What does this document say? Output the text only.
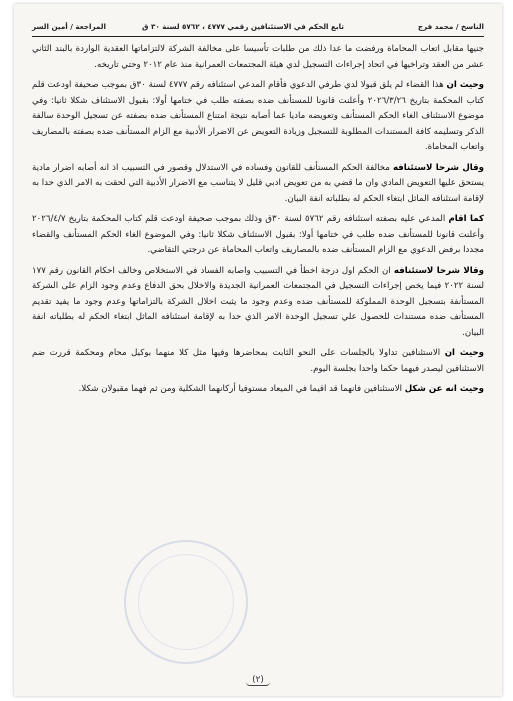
الناسخ / محمد فرج
تابع الحكم في الاستئنافين رقمي ٤٧٧٧ ، ٥٧٦٢ لسنة ٣٠ ق
المراجعة / أمين السر

جنيها مقابل اتعاب المحاماة ورفضت ما عدا ذلك من طلبات تأسيسا على مخالفة الشركة لالتزاماتها العقدية الواردة بالبند الثاني عشر من العقد وتراخيها في اتحاد إجراءات التسجيل لدي هيئة المجتمعات العمرانية منذ عام ٢٠١٢ وحتي تاريخه.

وحيث ان هذا القضاء لم يلق قبولا لدي طرفي الدعوي فأقام المدعي استئنافه رقم ٤٧٧٧ لسنة ٣٠ق بموجب صحيفة اودعت قلم كتاب المحكمة بتاريخ ٢٠٢٦/٣/٢٦ وأعلنت قانونا للمستأنف ضده بصفته طلب في ختامها أولا: بقبول الاستئناف شكلا ثانيا: وفي موضوع الاستئناف الغاء الحكم المستأنف وتعويضه ماديا عما أصابه نتيجة امتناع المستأنف ضده بصفته عن تسجيل الوحدة سالفة الذكر وتسليمه كافة المستندات المطلوبة للتسجيل وزيادة التعويض عن الاضرار الأدبية مع الزام المستأنف ضده بصفته بالمصاريف واتعاب المحاماة.

وقال شرحا لاستئنافه مخالفة الحكم المستأنف للقانون وفساده في الاستدلال وقصور في التسبيب اذ انه أصابه اضرار مادية يستحق عليها التعويض المادي وان ما قضي به من تعويض ادبي قليل لا يتناسب مع الاضرار الأدبية التي لحقت به الامر الذي حدا به لإقامة استئنافه الماثل ابتغاء الحكم له بطلباته انفة البيان.

كما اقام المدعي عليه بصفته استئنافه رقم ٥٧٦٢ لسنة ٣٠ق وذلك بموجب صحيفة اودعت قلم كتاب المحكمة بتاريخ ٢٠٢٦/٤/٧ وأعلنت قانونا للمستأنف ضده طلب في ختامها أولا: بقبول الاستئناف شكلا ثانيا: وفي الموضوع الغاء الحكم المستأنف والقضاء مجددا برفض الدعوي مع الزام المستأنف ضده بالمصاريف واتعاب المحاماة عن درجتي التقاضي.

وقالا شرحا لاستئنافه ان الحكم اول درجة اخطأ في التسبيب واصابه الفساد في الاستخلاص وخالف احكام القانون رقم ١٧٧ لسنة ٢٠٢٢ فيما يخص إجراءات التسجيل في المجتمعات العمرانية الجديدة والاخلال بحق الدفاع وعدم وجود الزام على الشركة المستأنفة بتسجيل الوحدة المملوكة للمستأنف ضده وعدم وجود ما يثبت اخلال الشركة بالتزاماتها وعدم وجود ما يفيد تقديم المستأنف ضده مستندات للحصول علي تسجيل الوحدة الامر الذي حدا به لإقامة استئنافه الماثل ابتغاء الحكم له بطلباته انفة البيان.

وحيث ان الاستئنافين تداولا بالجلسات على النحو الثابت بمحاضرها وفيها مثل كلا منهما بوكيل محام ومحكمة قررت ضم الاستئنافين ليصدر فيهما حكما واحدا بجلسة اليوم.

وحيث انه عن شكل الاستئنافين فانهما قد اقيما في الميعاد مستوفيا أركانهما الشكلية ومن ثم فهما مقبولان شكلا.

(٢)
